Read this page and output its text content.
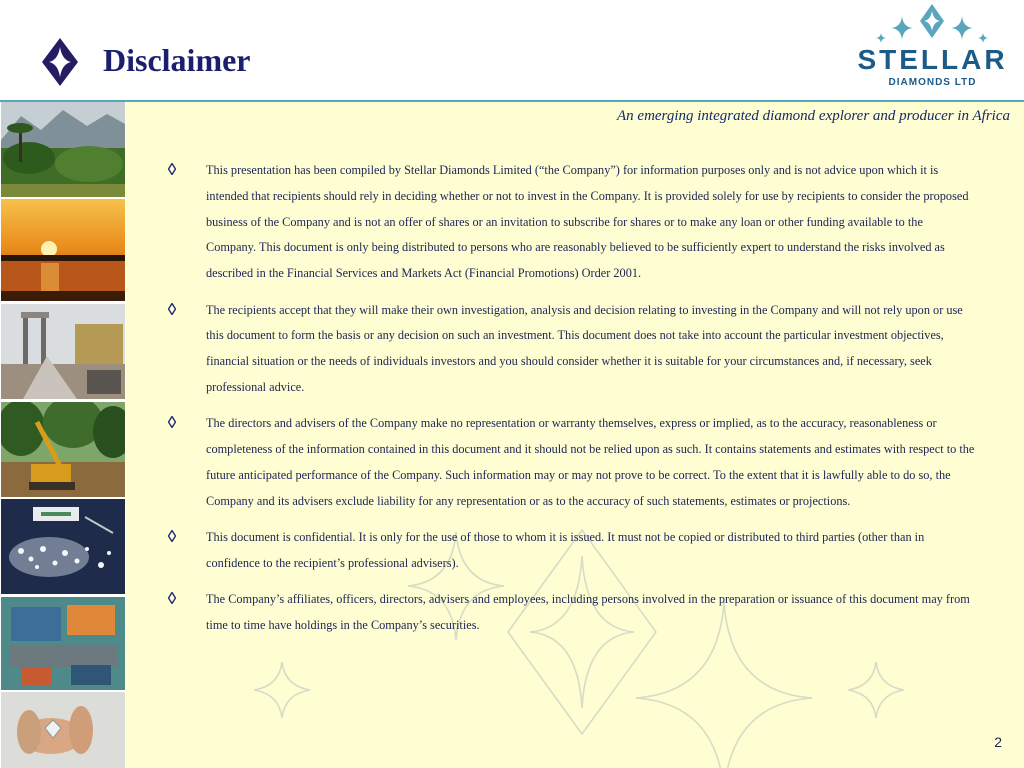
Disclaimer	STELLAR
DIAMONDS LTD
An emerging integrated diamond explorer and producer in Africa
This presentation has been compiled by Stellar Diamonds Limited (“the Company”) for information purposes only and is not advice upon which it is intended that recipients should rely in deciding whether or not to invest in the Company. It is provided solely for use by recipients to consider the proposed business of the Company and is not an offer of shares or an invitation to subscribe for shares or to make any loan or other funding available to the Company. This document is only being distributed to persons who are reasonably believed to be sufficiently expert to understand the risks involved as described in the Financial Services and Markets Act (Financial Promotions) Order 2001.
The recipients accept that they will make their own investigation, analysis and decision relating to investing in the Company and will not rely upon or use this document to form the basis or any decision on such an investment. This document does not take into account the particular investment objectives, financial situation or the needs of individuals investors and you should consider whether it is suitable for your circumstances and, if necessary, seek professional advice.
The directors and advisers of the Company make no representation or warranty themselves, express or implied, as to the accuracy, reasonableness or completeness of the information contained in this document and it should not be relied upon as such. It contains statements and estimates with respect to the future anticipated performance of the Company. Such information may or may not prove to be correct. To the extent that it is lawfully able to do so, the Company and its advisers exclude liability for any representation or as to the accuracy of such statements, estimates or projections.
This document is confidential. It is only for the use of those to whom it is issued. It must not be copied or distributed to third parties (other than in confidence to the recipient’s professional advisers).
The Company’s affiliates, officers, directors, advisers and employees, including persons involved in the preparation or issuance of this document may from time to time have holdings in the Company’s securities.
2
